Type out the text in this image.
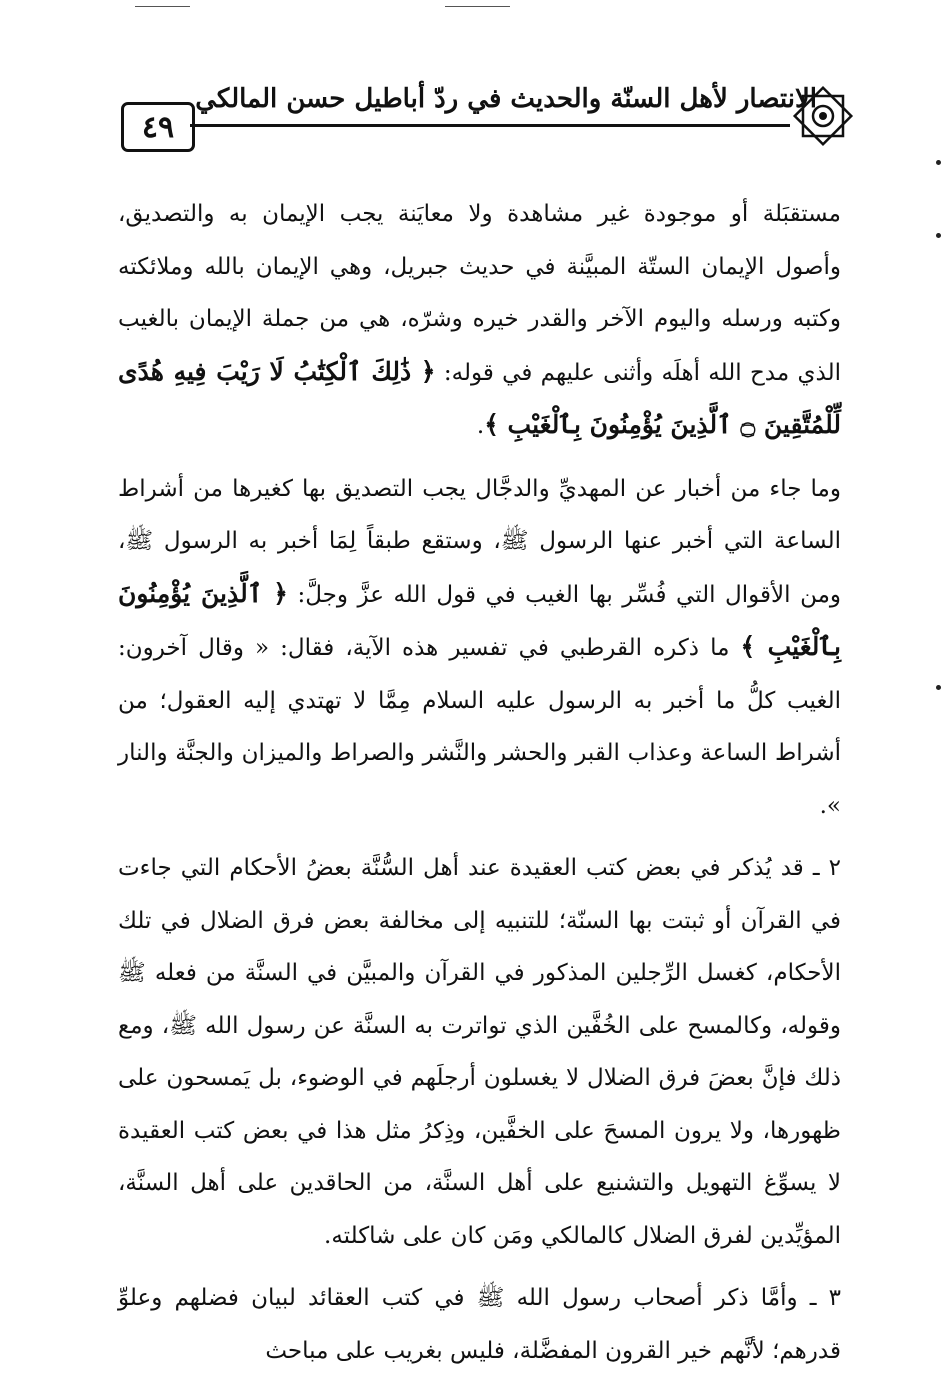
٤٩
الانتصار لأهل السنّة والحديث في ردّ أباطيل حسن المالكي

مستقبَلة أو موجودة غير مشاهدة ولا معايَنة يجب الإيمان به والتصديق، وأصول الإيمان الستّة المبيَّنة في حديث جبريل، وهي الإيمان بالله وملائكته وكتبه ورسله واليوم الآخر والقدر خيره وشرّه، هي من جملة الإيمان بالغيب الذي مدح الله أهلَه وأثنى عليهم في قوله: ﴿ ذَٰلِكَ ٱلْكِتَٰبُ لَا رَيْبَ فِيهِ هُدًى لِّلْمُتَّقِينَ ۝ ٱلَّذِينَ يُؤْمِنُونَ بِٱلْغَيْبِ ﴾.

وما جاء من أخبار عن المهديِّ والدجَّال يجب التصديق بها كغيرها من أشراط الساعة التي أخبر عنها الرسول ﷺ، وستقع طبقاً لِمَا أخبر به الرسول ﷺ، ومن الأقوال التي فُسِّر بها الغيب في قول الله عزَّ وجلَّ: ﴿ ٱلَّذِينَ يُؤْمِنُونَ بِٱلْغَيْبِ ﴾ ما ذكره القرطبي في تفسير هذه الآية، فقال: « وقال آخرون: الغيب كلُّ ما أخبر به الرسول عليه السلام مِمَّا لا تهتدي إليه العقول؛ من أشراط الساعة وعذاب القبر والحشر والنَّشر والصراط والميزان والجنَّة والنار ».

٢ ـ قد يُذكر في بعض كتب العقيدة عند أهل السُّنَّة بعضُ الأحكام التي جاءت في القرآن أو ثبتت بها السنّة؛ للتنبيه إلى مخالفة بعض فرق الضلال في تلك الأحكام، كغسل الرِّجلين المذكور في القرآن والمبيَّن في السنَّة من فعله ﷺ وقوله، وكالمسح على الخُفَّين الذي تواترت به السنَّة عن رسول الله ﷺ، ومع ذلك فإنَّ بعضَ فرق الضلال لا يغسلون أرجلَهم في الوضوء، بل يَمسحون على ظهورها، ولا يرون المسحَ على الخفَّين، وذِكرُ مثل هذا في بعض كتب العقيدة لا يسوِّغ التهويل والتشنيع على أهل السنَّة، من الحاقدين على أهل السنَّة، المؤيِّدين لفرق الضلال كالمالكي ومَن كان على شاكلته.

٣ ـ وأمَّا ذكر أصحاب رسول الله ﷺ في كتب العقائد لبيان فضلهم وعلوِّ قدرهم؛ لأنَّهم خير القرون المفضَّلة، فليس بغريب على مباحث
